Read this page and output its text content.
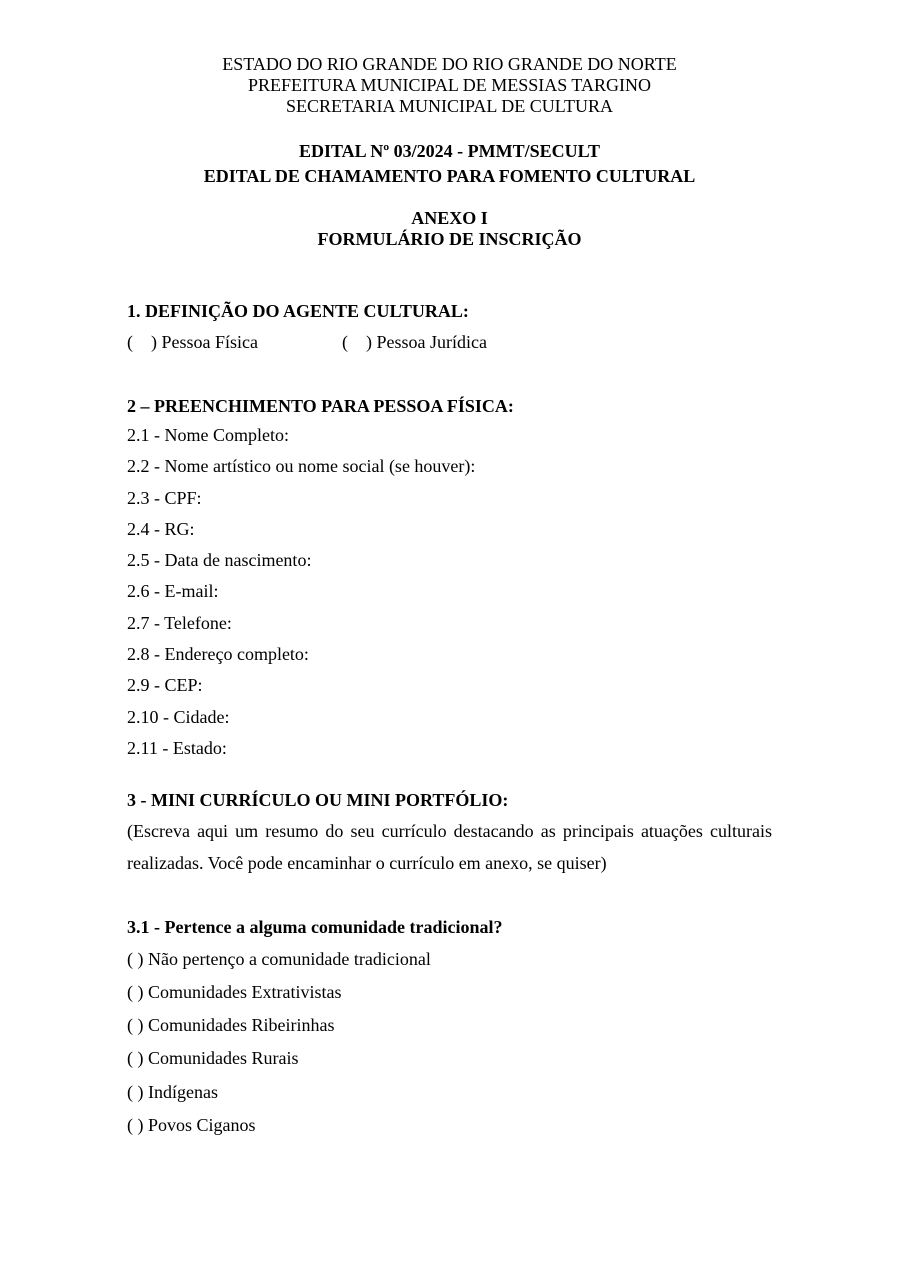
ESTADO DO RIO GRANDE DO RIO GRANDE DO NORTE
PREFEITURA MUNICIPAL DE MESSIAS TARGINO
SECRETARIA MUNICIPAL DE CULTURA
EDITAL Nº 03/2024 - PMMT/SECULT
EDITAL DE CHAMAMENTO PARA FOMENTO CULTURAL
ANEXO I
FORMULÁRIO DE INSCRIÇÃO
1. DEFINIÇÃO DO AGENTE CULTURAL:
(    ) Pessoa Física	(    ) Pessoa Jurídica
2 – PREENCHIMENTO PARA PESSOA FÍSICA:
2.1 - Nome Completo:
2.2 - Nome artístico ou nome social (se houver):
2.3 - CPF:
2.4 - RG:
2.5 - Data de nascimento:
2.6 - E-mail:
2.7 - Telefone:
2.8 - Endereço completo:
2.9 - CEP:
2.10 - Cidade:
2.11 - Estado:
3 - MINI CURRÍCULO OU MINI PORTFÓLIO:

(Escreva aqui um resumo do seu currículo destacando as principais atuações culturais realizadas. Você pode encaminhar o currículo em anexo, se quiser)

3.1 - Pertence a alguma comunidade tradicional?
( ) Não pertenço a comunidade tradicional
( ) Comunidades Extrativistas
( ) Comunidades Ribeirinhas
( ) Comunidades Rurais
( ) Indígenas
( ) Povos Ciganos
